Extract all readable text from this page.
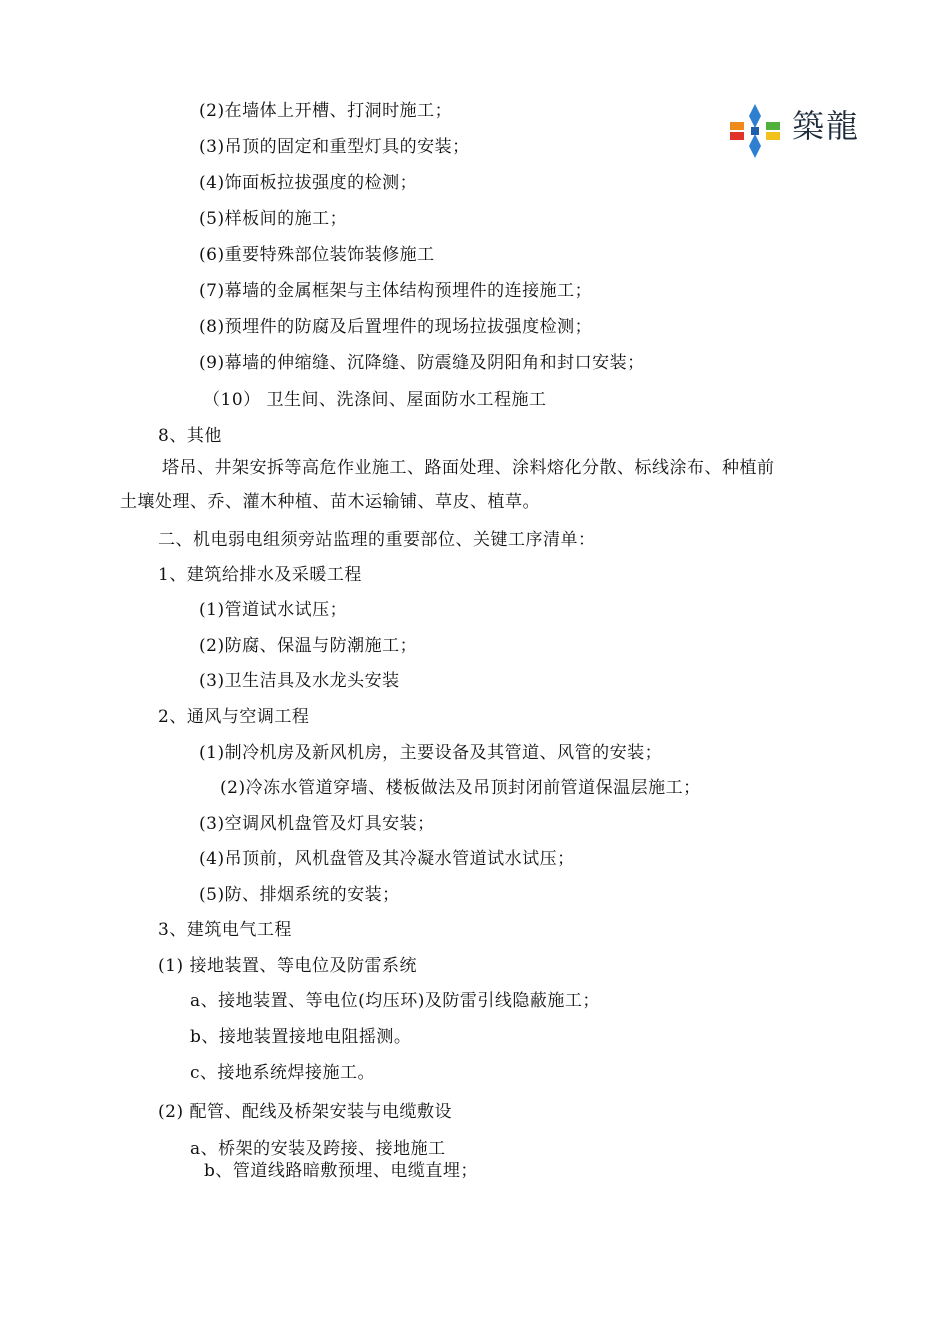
築龍
(2)在墙体上开槽、打洞时施工；
(3)吊顶的固定和重型灯具的安装；
(4)饰面板拉拔强度的检测；
(5)样板间的施工；
(6)重要特殊部位装饰装修施工
(7)幕墙的金属框架与主体结构预埋件的连接施工；
(8)预埋件的防腐及后置埋件的现场拉拔强度检测；
(9)幕墙的伸缩缝、沉降缝、防震缝及阴阳角和封口安装；
（10） 卫生间、洗涤间、屋面防水工程施工
8、其他
塔吊、井架安拆等高危作业施工、路面处理、涂料熔化分散、标线涂布、种植前
土壤处理、乔、灌木种植、苗木运输铺、草皮、植草。
二、机电弱电组须旁站监理的重要部位、关键工序清单：
1、建筑给排水及采暖工程
(1)管道试水试压；
(2)防腐、保温与防潮施工；
(3)卫生洁具及水龙头安装
2、通风与空调工程
(1)制冷机房及新风机房，主要设备及其管道、风管的安装；
(2)冷冻水管道穿墙、楼板做法及吊顶封闭前管道保温层施工；
(3)空调风机盘管及灯具安装；
(4)吊顶前，风机盘管及其冷凝水管道试水试压；
(5)防、排烟系统的安装；
3、建筑电气工程
(1) 接地装置、等电位及防雷系统
a、接地装置、等电位(均压环)及防雷引线隐蔽施工；
b、接地装置接地电阻摇测。
c、接地系统焊接施工。
(2) 配管、配线及桥架安装与电缆敷设
a、桥架的安装及跨接、接地施工
b、管道线路暗敷预埋、电缆直埋；
